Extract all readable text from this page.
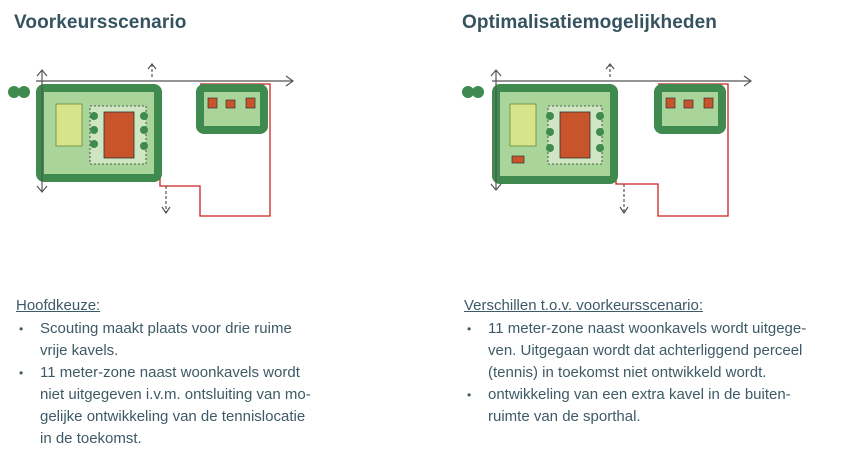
Voorkeursscenario

Hoofdkeuze:

• Scouting maakt plaats voor drie ruime
vrije kavels.
• 11 meter-zone naast woonkavels wordt
niet uitgegeven i.v.m. ontsluiting van mo-
gelijke ontwikkeling van de tennislocatie
in de toekomst.
Optimalisatiemogelijkheden

Verschillen t.o.v. voorkeursscenario:

• 11 meter-zone naast woonkavels wordt uitgege-
ven. Uitgegaan wordt dat achterliggend perceel
(tennis) in toekomst niet ontwikkeld wordt.
• ontwikkeling van een extra kavel in de buiten-
ruimte van de sporthal.
